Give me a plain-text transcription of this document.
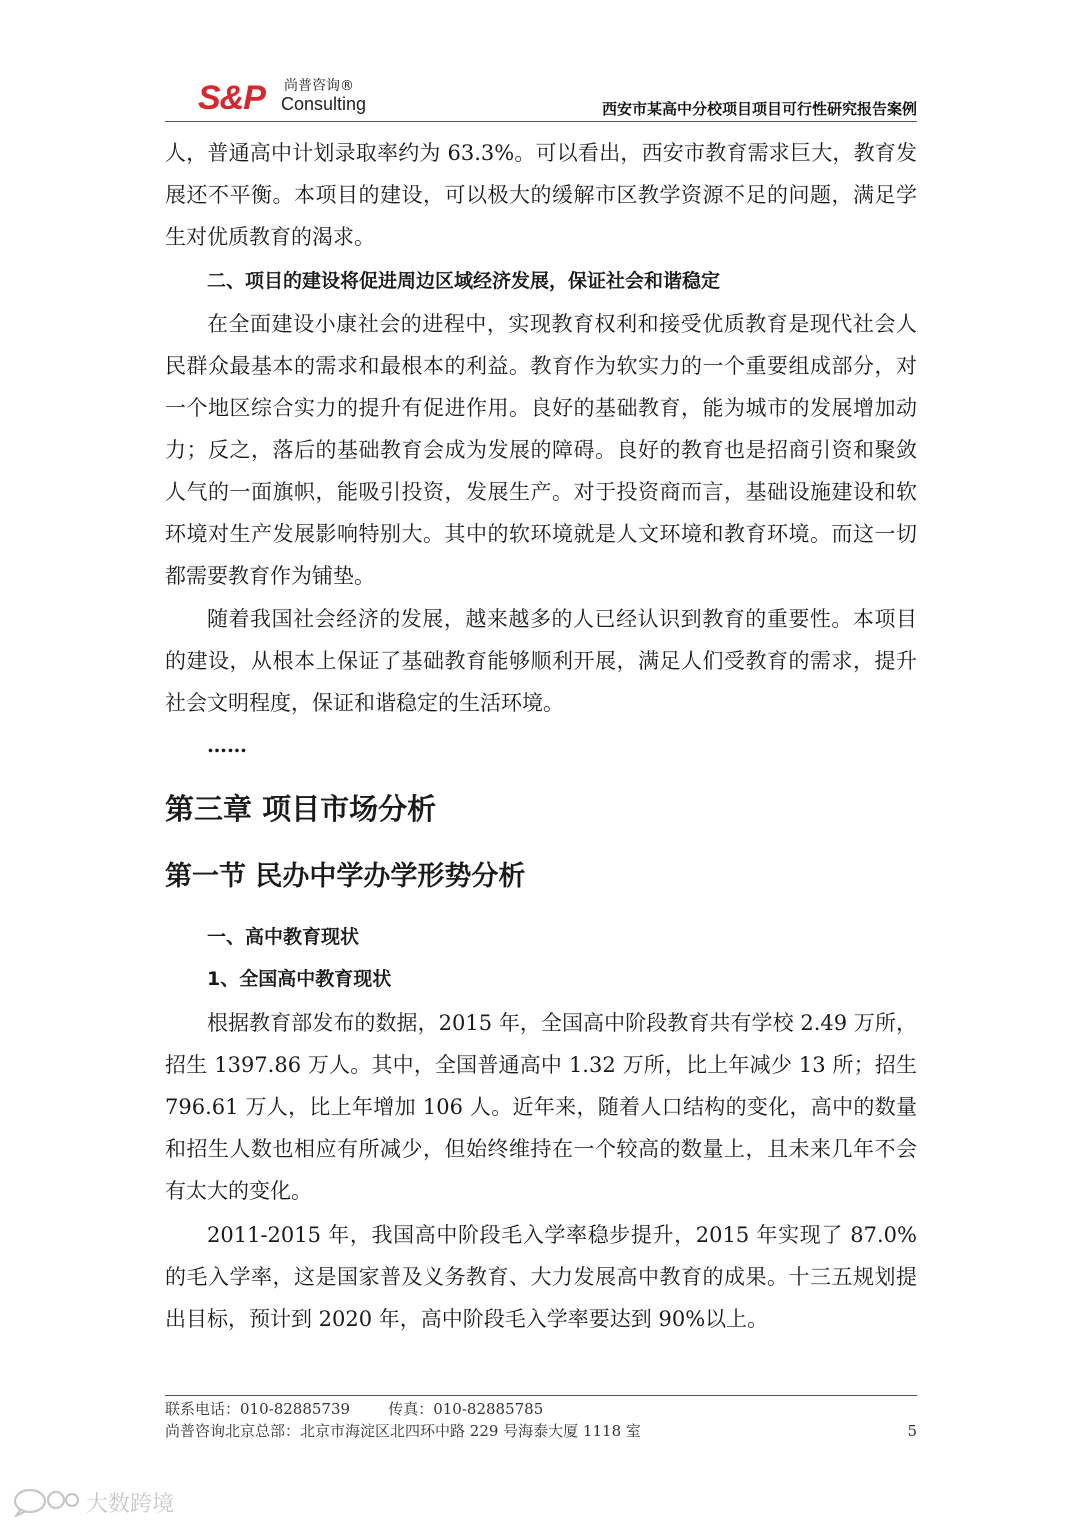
S&P 尚普咨询®
Consulting	西安市某高中分校项目项目可行性研究报告案例

人，普通高中计划录取率约为 63.3%。可以看出，西安市教育需求巨大，教育发展还不平衡。本项目的建设，可以极大的缓解市区教学资源不足的问题，满足学生对优质教育的渴求。

二、项目的建设将促进周边区域经济发展，保证社会和谐稳定

在全面建设小康社会的进程中，实现教育权利和接受优质教育是现代社会人民群众最基本的需求和最根本的利益。教育作为软实力的一个重要组成部分，对一个地区综合实力的提升有促进作用。良好的基础教育，能为城市的发展增加动力；反之，落后的基础教育会成为发展的障碍。良好的教育也是招商引资和聚敛人气的一面旗帜，能吸引投资，发展生产。对于投资商而言，基础设施建设和软环境对生产发展影响特别大。其中的软环境就是人文环境和教育环境。而这一切都需要教育作为铺垫。

随着我国社会经济的发展，越来越多的人已经认识到教育的重要性。本项目的建设，从根本上保证了基础教育能够顺利开展，满足人们受教育的需求，提升社会文明程度，保证和谐稳定的生活环境。

……
第三章 项目市场分析
第一节 民办中学办学形势分析

一、高中教育现状

1、全国高中教育现状

根据教育部发布的数据，2015 年，全国高中阶段教育共有学校 2.49 万所，招生 1397.86 万人。其中，全国普通高中 1.32 万所，比上年减少 13 所；招生 796.61 万人，比上年增加 106 人。近年来，随着人口结构的变化，高中的数量和招生人数也相应有所减少，但始终维持在一个较高的数量上，且未来几年不会有太大的变化。

2011-2015 年，我国高中阶段毛入学率稳步提升，2015 年实现了 87.0%的毛入学率，这是国家普及义务教育、大力发展高中教育的成果。十三五规划提出目标，预计到 2020 年，高中阶段毛入学率要达到 90%以上。

联系电话：010-82885739	传真：010-82885785
尚普咨询北京总部：北京市海淀区北四环中路 229 号海泰大厦 1118 室	5
大数跨境
